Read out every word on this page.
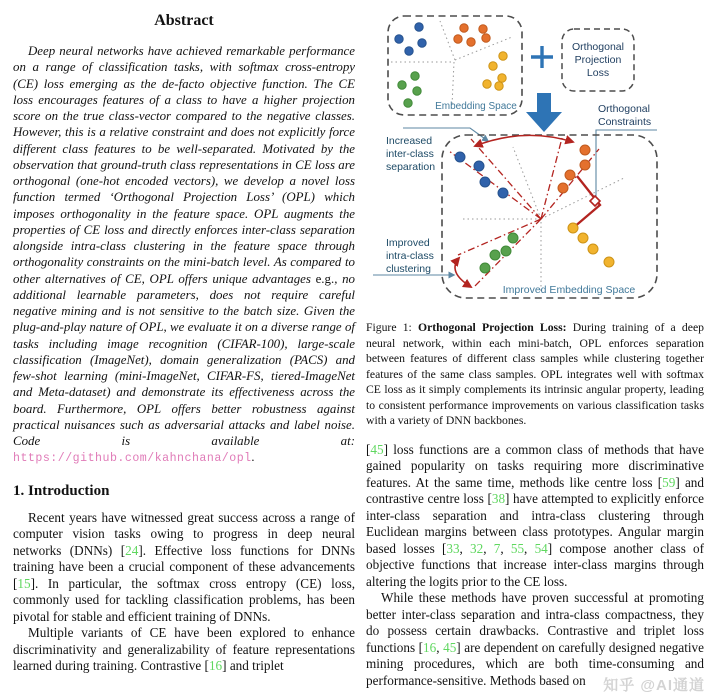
Abstract

Deep neural networks have achieved remarkable performance on a range of classification tasks, with softmax cross-entropy (CE) loss emerging as the de-facto objective function. The CE loss encourages features of a class to have a higher projection score on the true class-vector compared to the negative classes. However, this is a relative constraint and does not explicitly force different class features to be well-separated. Motivated by the observation that ground-truth class representations in CE loss are orthogonal (one-hot encoded vectors), we develop a novel loss function termed ‘Orthogonal Projection Loss’ (OPL) which imposes orthogonality in the feature space. OPL augments the properties of CE loss and directly enforces inter-class separation alongside intra-class clustering in the feature space through orthogonality constraints on the mini-batch level. As compared to other alternatives of CE, OPL offers unique advantages e.g., no additional learnable parameters, does not require careful negative mining and is not sensitive to the batch size. Given the plug-and-play nature of OPL, we evaluate it on a diverse range of tasks including image recognition (CIFAR-100), large-scale classification (ImageNet), domain generalization (PACS) and few-shot learning (mini-ImageNet, CIFAR-FS, tiered-ImageNet and Meta-dataset) and demonstrate its effectiveness across the board. Furthermore, OPL offers better robustness against practical nuisances such as adversarial attacks and label noise. Code is available at: https://github.com/kahnchana/opl.

1. Introduction

Recent years have witnessed great success across a range of computer vision tasks owing to progress in deep neural networks (DNNs) [24]. Effective loss functions for DNNs training have been a crucial component of these advancements [15]. In particular, the softmax cross entropy (CE) loss, commonly used for tackling classification problems, has been pivotal for stable and efficient training of DNNs.

Multiple variants of CE have been explored to enhance discriminativity and generalizability of feature representations learned during training. Contrastive [16] and triplet

Embedding Space
Orthogonal
Projection
Loss
Orthogonal
Constraints
Increased
inter-class
separation
Improved
intra-class
clustering
Improved Embedding Space

Figure 1: Orthogonal Projection Loss: During training of a deep neural network, within each mini-batch, OPL enforces separation between features of different class samples while clustering together features of the same class samples. OPL integrates well with softmax CE loss as it simply complements its intrinsic angular property, leading to consistent performance improvements on various classification tasks with a variety of DNN backbones.

[45] loss functions are a common class of methods that have gained popularity on tasks requiring more discriminative features. At the same time, methods like centre loss [59] and contrastive centre loss [38] have attempted to explicitly enforce inter-class separation and intra-class clustering through Euclidean margins between class prototypes. Angular margin based losses [33, 32, 7, 55, 54] compose another class of objective functions that increase inter-class margins through altering the logits prior to the CE loss.

While these methods have proven successful at promoting better inter-class separation and intra-class compactness, they do possess certain drawbacks. Contrastive and triplet loss functions [16, 45] are dependent on carefully designed negative mining procedures, which are both time-consuming and performance-sensitive. Methods based on	知乎 @AI通道
